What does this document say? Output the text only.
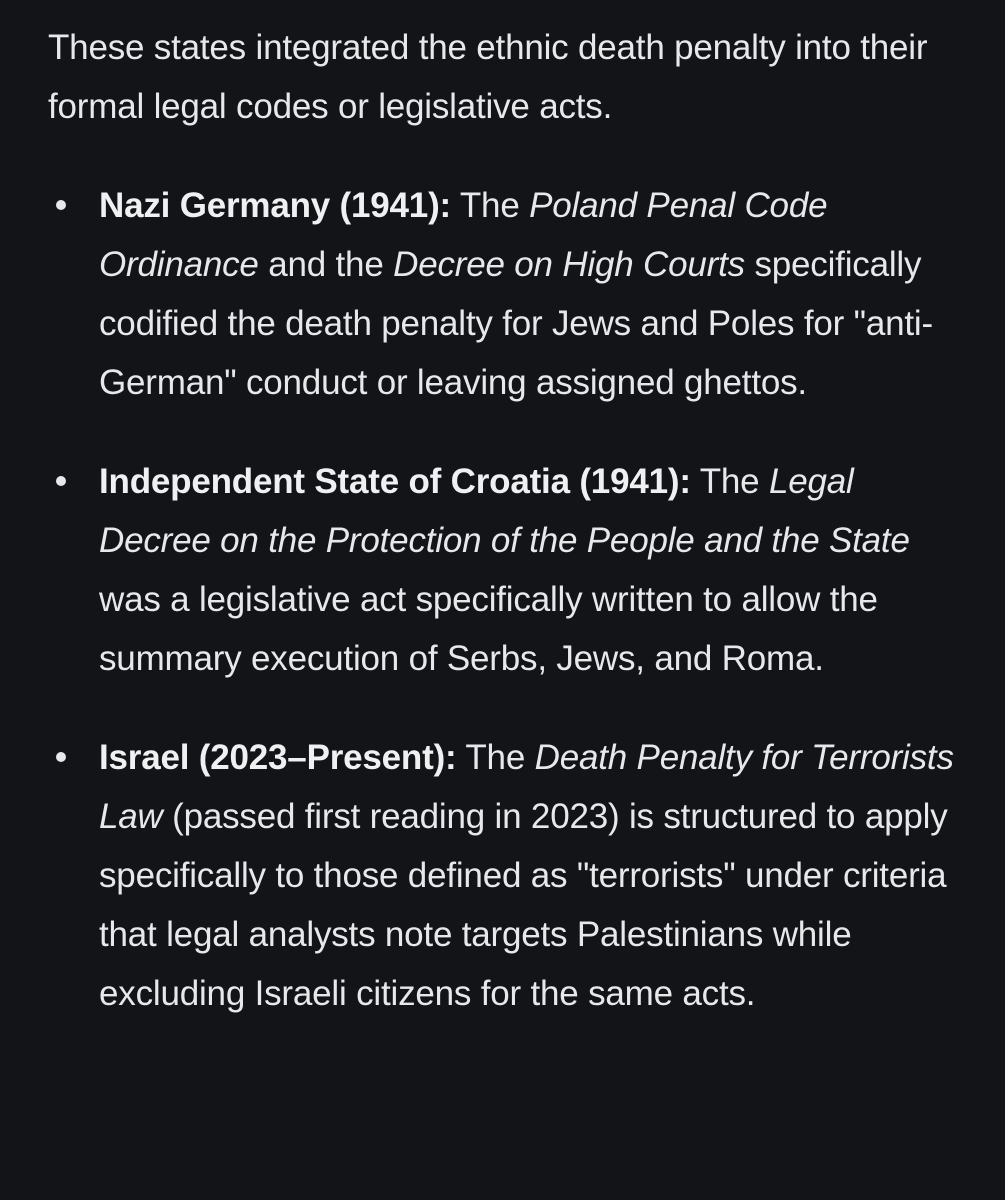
These states integrated the ethnic death penalty into their formal legal codes or legislative acts.

Nazi Germany (1941): The Poland Penal Code Ordinance and the Decree on High Courts specifically codified the death penalty for Jews and Poles for "anti-German" conduct or leaving assigned ghettos.
Independent State of Croatia (1941): The Legal Decree on the Protection of the People and the State was a legislative act specifically written to allow the summary execution of Serbs, Jews, and Roma.
Israel (2023–Present): The Death Penalty for Terrorists Law (passed first reading in 2023) is structured to apply specifically to those defined as "terrorists" under criteria that legal analysts note targets Palestinians while excluding Israeli citizens for the same acts.
